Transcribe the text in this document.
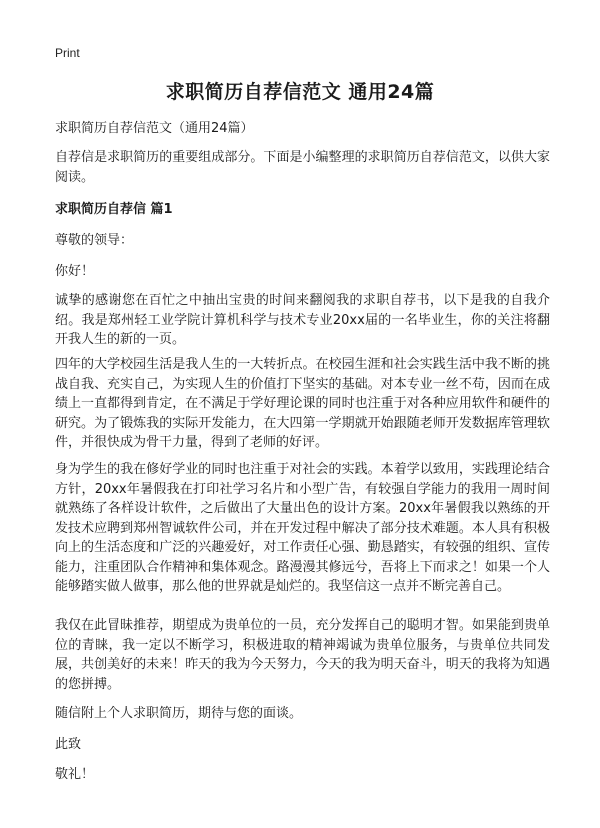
Print
求职简历自荐信范文 通用24篇

求职简历自荐信范文（通用24篇）

自荐信是求职简历的重要组成部分。下面是小编整理的求职简历自荐信范文，以供大家阅读。

求职简历自荐信 篇1

尊敬的领导：

你好！

诚挚的感谢您在百忙之中抽出宝贵的时间来翻阅我的求职自荐书，以下是我的自我介绍。我是郑州轻工业学院计算机科学与技术专业20xx届的一名毕业生，你的关注将翻开我人生的新的一页。

四年的大学校园生活是我人生的一大转折点。在校园生涯和社会实践生活中我不断的挑战自我、充实自己，为实现人生的价值打下坚实的基础。对本专业一丝不苟，因而在成绩上一直都得到肯定，在不满足于学好理论课的同时也注重于对各种应用软件和硬件的研究。为了锻炼我的实际开发能力，在大四第一学期就开始跟随老师开发数据库管理软件，并很快成为骨干力量，得到了老师的好评。

身为学生的我在修好学业的同时也注重于对社会的实践。本着学以致用，实践理论结合方针，20xx年暑假我在打印社学习名片和小型广告，有较强自学能力的我用一周时间就熟练了各样设计软件，之后做出了大量出色的设计方案。20xx年暑假我以熟练的开发技术应聘到郑州智诚软件公司，并在开发过程中解决了部分技术难题。本人具有积极向上的生活态度和广泛的兴趣爱好，对工作责任心强、勤恳踏实，有较强的组织、宣传能力，注重团队合作精神和集体观念。路漫漫其修远兮，吾将上下而求之！如果一个人能够踏实做人做事，那么他的世界就是灿烂的。我坚信这一点并不断完善自己。

我仅在此冒昧推荐，期望成为贵单位的一员，充分发挥自己的聪明才智。如果能到贵单位的青睐，我一定以不断学习，积极进取的精神竭诚为贵单位服务，与贵单位共同发展，共创美好的未来！昨天的我为今天努力，今天的我为明天奋斗，明天的我将为知遇的您拼搏。

随信附上个人求职简历，期待与您的面谈。

此致

敬礼！
